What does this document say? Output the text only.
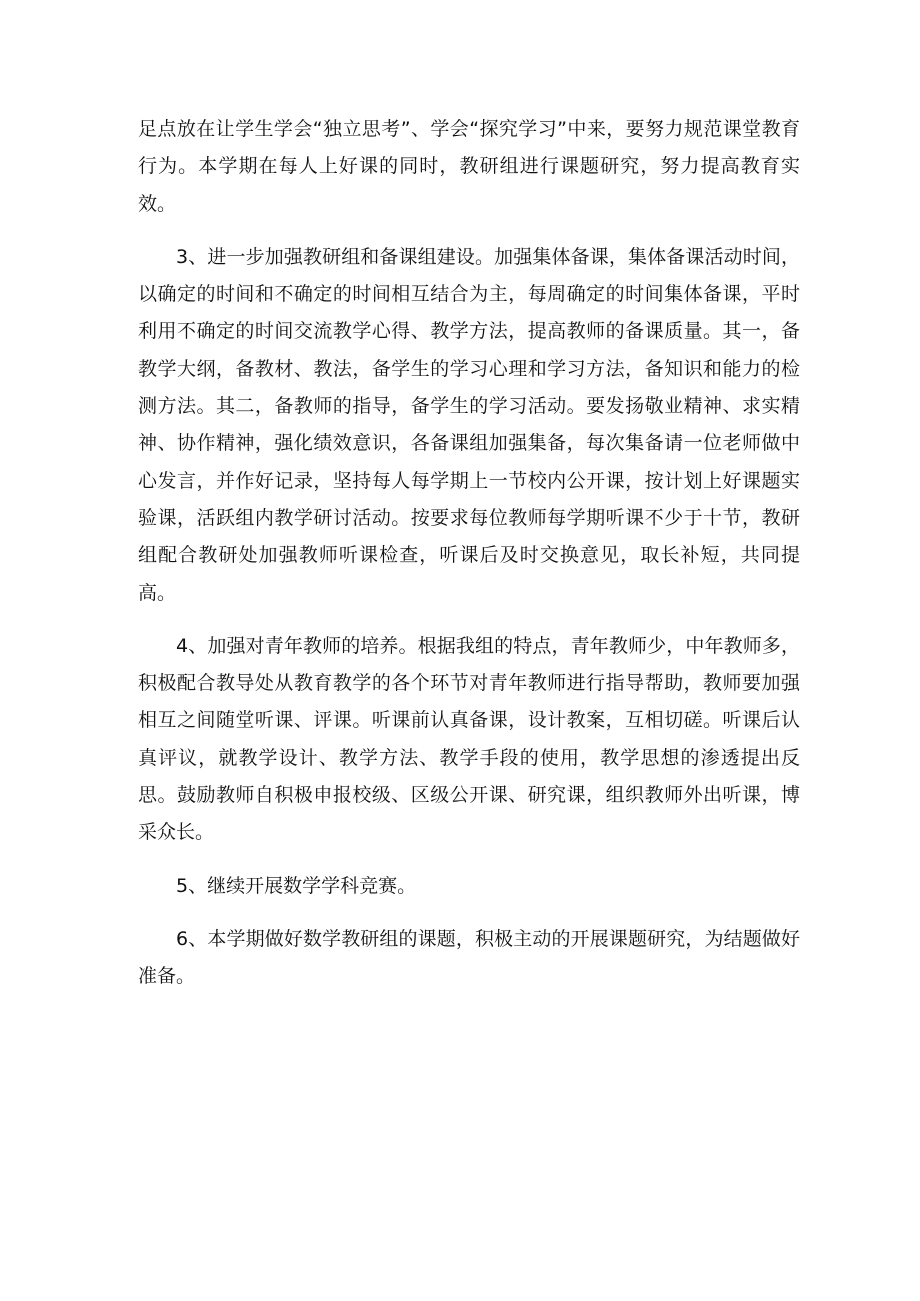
足点放在让学生学会“独立思考”、学会“探究学习”中来，要努力规范课堂教育行为。本学期在每人上好课的同时，教研组进行课题研究，努力提高教育实效。

3、进一步加强教研组和备课组建设。加强集体备课，集体备课活动时间，以确定的时间和不确定的时间相互结合为主，每周确定的时间集体备课，平时利用不确定的时间交流教学心得、教学方法，提高教师的备课质量。其一，备教学大纲，备教材、教法，备学生的学习心理和学习方法，备知识和能力的检测方法。其二，备教师的指导，备学生的学习活动。要发扬敬业精神、求实精神、协作精神，强化绩效意识，各备课组加强集备，每次集备请一位老师做中心发言，并作好记录，坚持每人每学期上一节校内公开课，按计划上好课题实验课，活跃组内教学研讨活动。按要求每位教师每学期听课不少于十节，教研组配合教研处加强教师听课检查，听课后及时交换意见，取长补短，共同提高。

4、加强对青年教师的培养。根据我组的特点，青年教师少，中年教师多，积极配合教导处从教育教学的各个环节对青年教师进行指导帮助，教师要加强相互之间随堂听课、评课。听课前认真备课，设计教案，互相切磋。听课后认真评议，就教学设计、教学方法、教学手段的使用，教学思想的渗透提出反思。鼓励教师自积极申报校级、区级公开课、研究课，组织教师外出听课，博采众长。

5、继续开展数学学科竞赛。

6、本学期做好数学教研组的课题，积极主动的开展课题研究，为结题做好准备。
